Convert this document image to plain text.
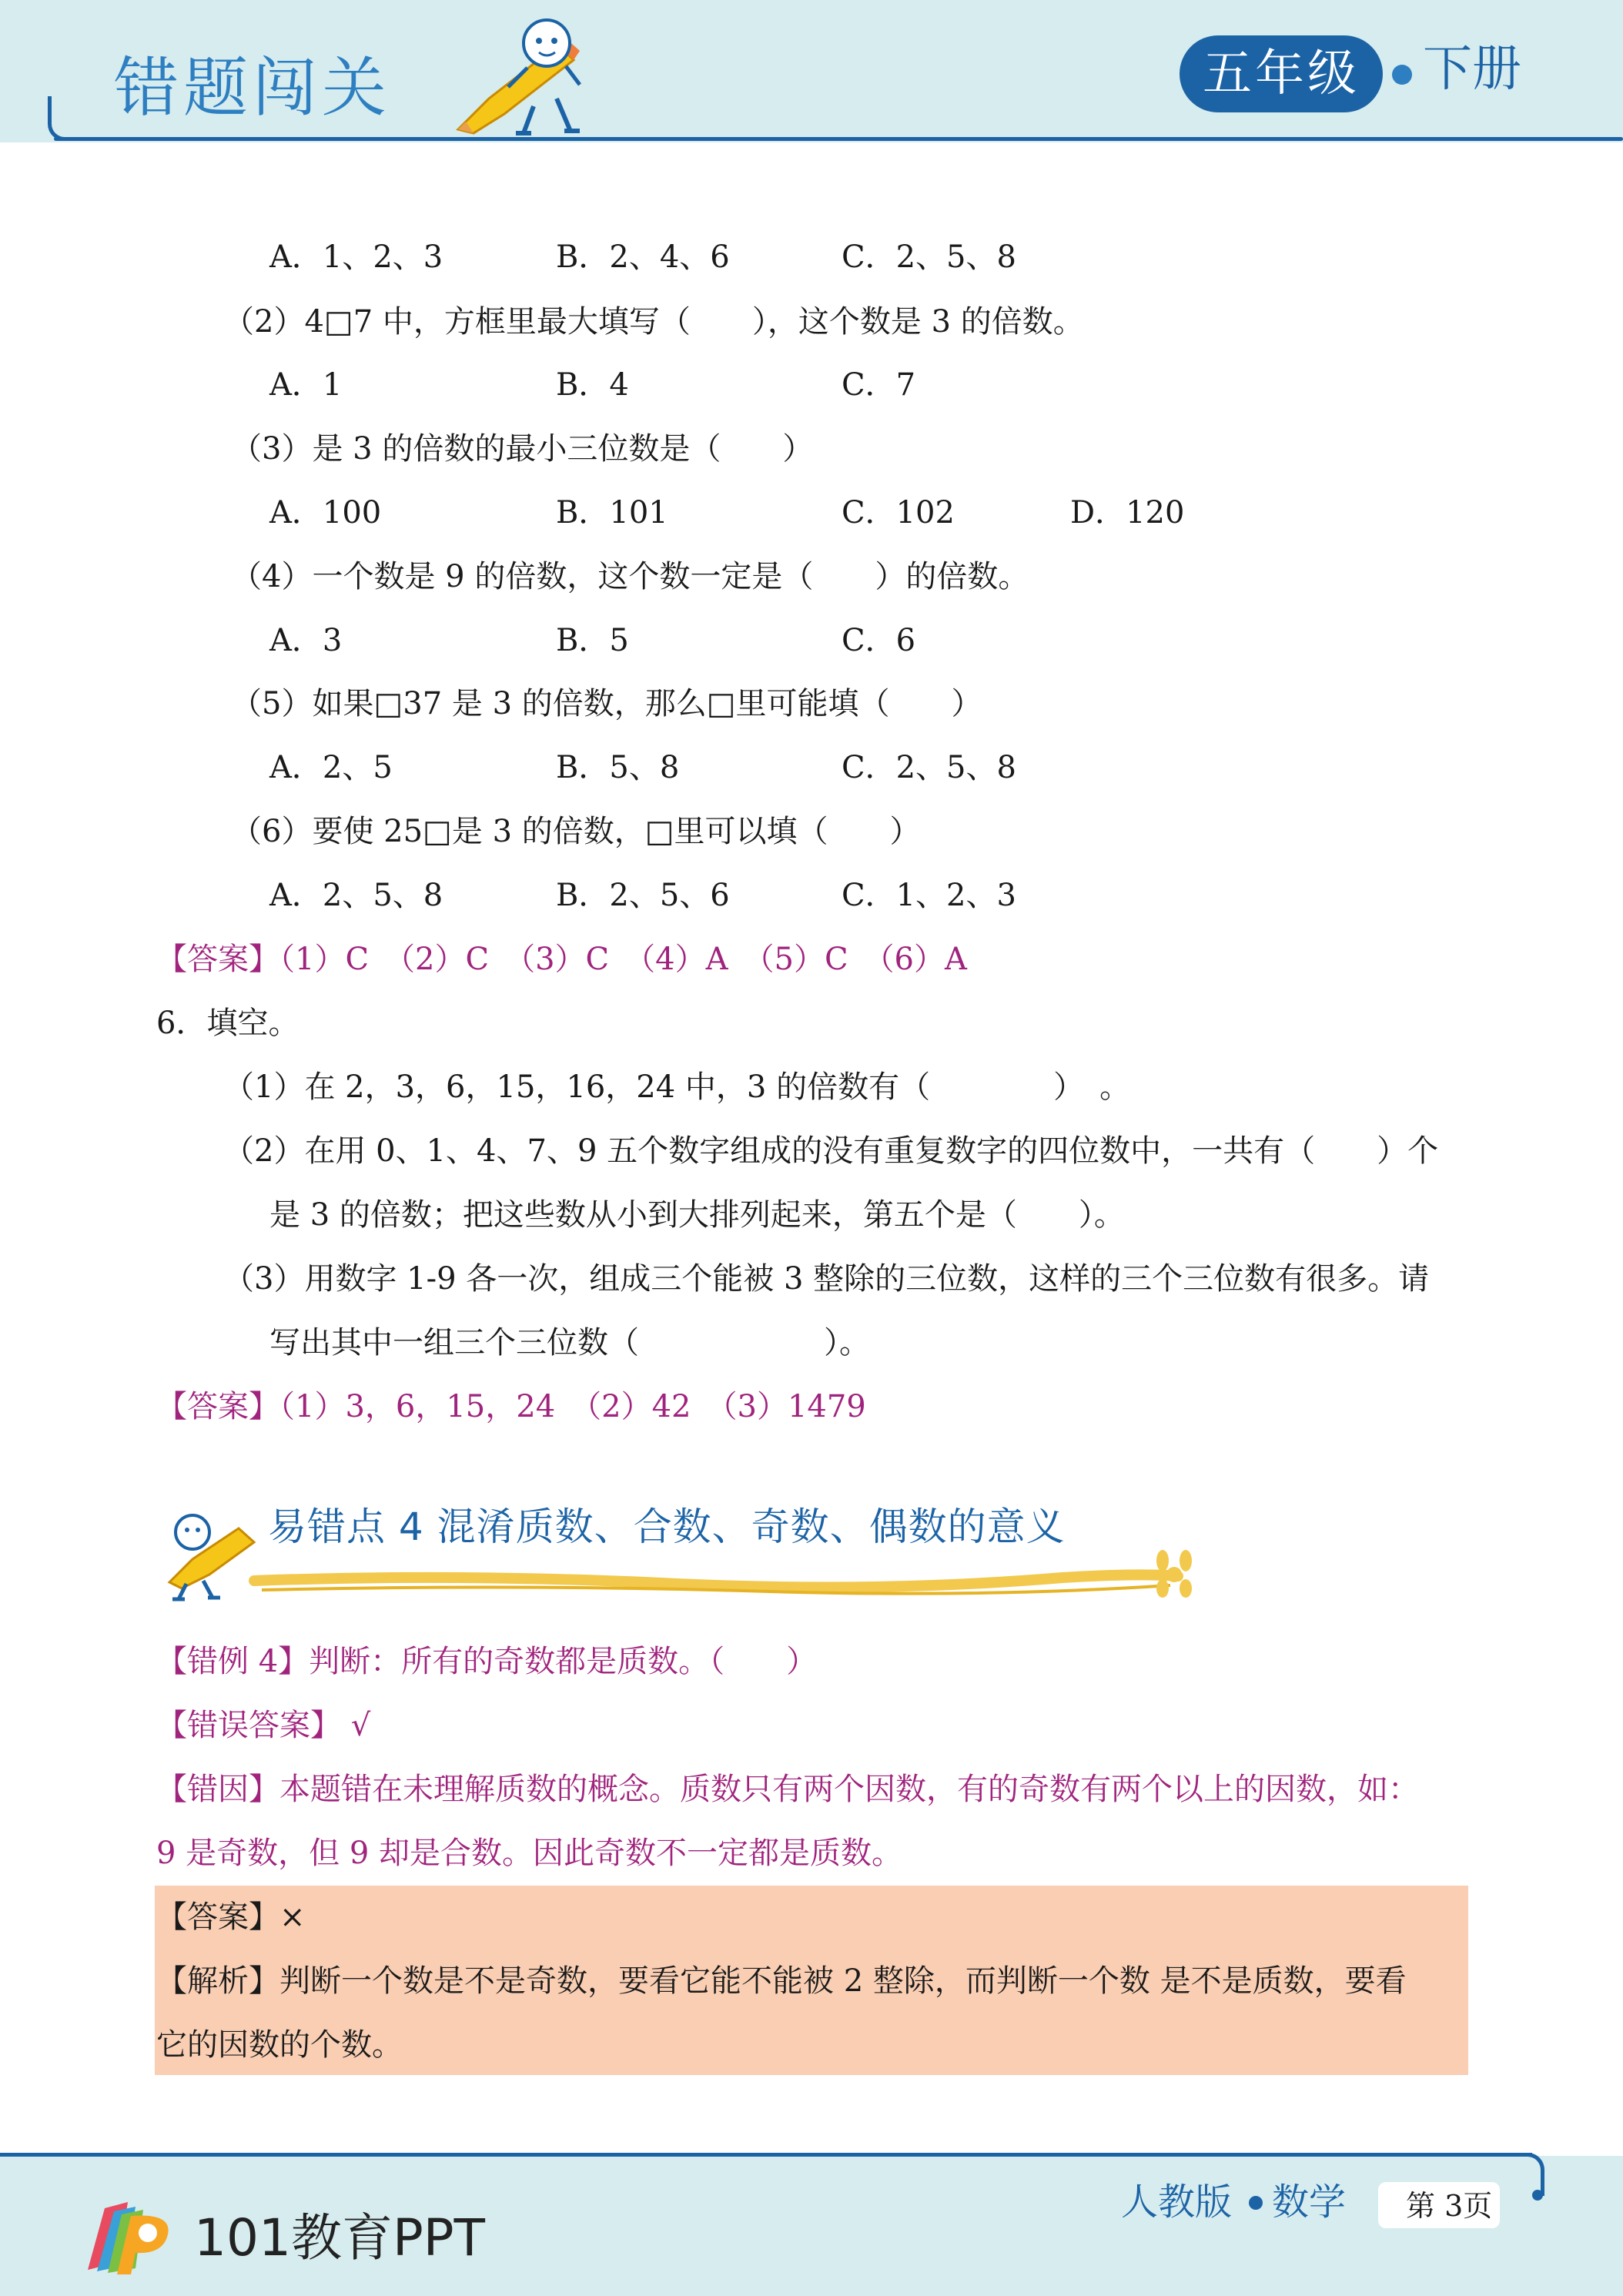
错题闯关	五年级	下册
A．1、2、3	B．2、4、6	C．2、5、8
（2）4□7 中，方框里最大填写（　　），这个数是 3 的倍数。
A．1	B．4	C．7
（3）是 3 的倍数的最小三位数是（　　）
A．100	B．101	C．102	D．120
（4）一个数是 9 的倍数，这个数一定是（　　）的倍数。
A．3	B．5	C．6
（5）如果□37 是 3 的倍数，那么□里可能填（　　）
A．2、5	B．5、8	C．2、5、8
（6）要使 25□是 3 的倍数，□里可以填（　　）
A．2、5、8	B．2、5、6	C．1、2、3
【答案】（1）C　（2）C　（3）C　（4）A　（5）C　（6）A
6．填空。
（1）在 2，3，6，15，16，24 中，3 的倍数有（　　　　）　。
（2）在用 0、1、4、7、9 五个数字组成的没有重复数字的四位数中，一共有（　　）个
是 3 的倍数；把这些数从小到大排列起来，第五个是（　　）。
（3）用数字 1-9 各一次，组成三个能被 3 整除的三位数，这样的三个三位数有很多。请
写出其中一组三个三位数（　　　　　　）。
【答案】（1）3，6，15，24　（2）42　（3）1479
易错点 4 混淆质数、合数、奇数、偶数的意义
【错例 4】判断：所有的奇数都是质数。（　　）
【错误答案】 √
【错因】本题错在未理解质数的概念。质数只有两个因数，有的奇数有两个以上的因数，如：
9 是奇数，但 9 却是合数。因此奇数不一定都是质数。
【答案】×
【解析】判断一个数是不是奇数，要看它能不能被 2 整除，而判断一个数 是不是质数，要看
它的因数的个数。
101教育PPT
人教版 数学 第 3页
